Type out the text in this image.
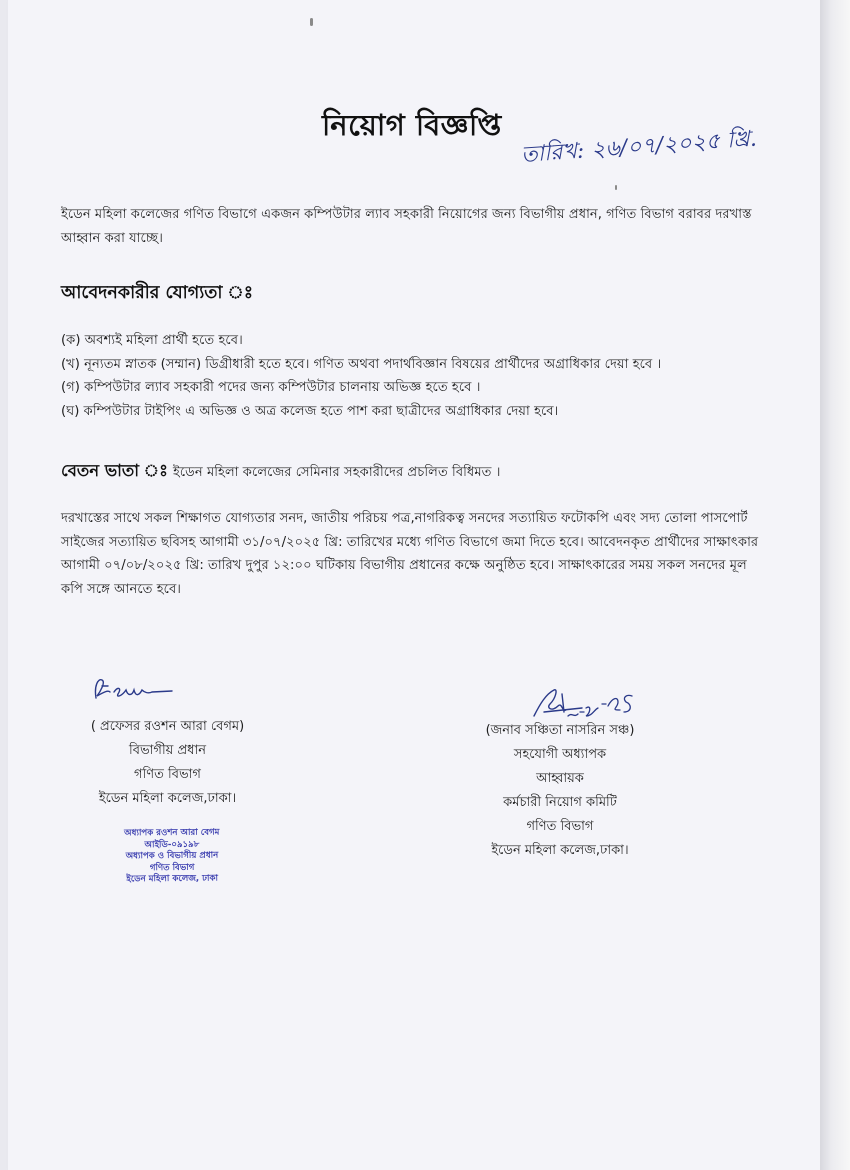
নিয়োগ বিজ্ঞপ্তি
তারিখ: ২৬/০৭/২০২৫ খ্রি.
ইডেন মহিলা কলেজের গণিত বিভাগে একজন কম্পিউটার ল্যাব সহকারী নিয়োগের জন্য বিভাগীয় প্রধান, গণিত বিভাগ বরাবর দরখাস্ত আহ্বান করা যাচ্ছে।
আবেদনকারীর যোগ্যতা ঃ
(ক) অবশ্যই মহিলা প্রার্থী হতে হবে।
(খ) নূন্যতম স্নাতক (সম্মান) ডিগ্রীধারী হতে হবে। গণিত অথবা পদার্থবিজ্ঞান বিষয়ের প্রার্থীদের অগ্রাধিকার দেয়া হবে ।
(গ) কম্পিউটার ল্যাব সহকারী পদের জন্য কম্পিউটার চালনায় অভিজ্ঞ হতে হবে ।
(ঘ) কম্পিউটার টাইপিং এ অভিজ্ঞ ও অত্র কলেজ হতে পাশ করা ছাত্রীদের অগ্রাধিকার দেয়া হবে।
বেতন ভাতা ঃ ইডেন মহিলা কলেজের সেমিনার সহকারীদের প্রচলিত বিধিমত ।
দরখাস্তের সাথে সকল শিক্ষাগত যোগ্যতার সনদ, জাতীয় পরিচয় পত্র,নাগরিকত্ব সনদের সত্যায়িত ফটোকপি এবং সদ্য তোলা পাসপোর্ট সাইজের সত্যায়িত ছবিসহ আগামী ৩১/০৭/২০২৫ খ্রি: তারিখের মধ্যে গণিত বিভাগে জমা দিতে হবে। আবেদনকৃত প্রার্থীদের সাক্ষাৎকার আগামী ০৭/০৮/২০২৫ খ্রি: তারিখ দুপুর ১২:০০ ঘটিকায় বিভাগীয় প্রধানের কক্ষে অনুষ্ঠিত হবে। সাক্ষাৎকারের সময় সকল সনদের মূল কপি সঙ্গে আনতে হবে।
( প্রফেসর রওশন আরা বেগম)
বিভাগীয় প্রধান
গণিত বিভাগ
ইডেন মহিলা কলেজ,ঢাকা।
অধ্যাপক রওশন আরা বেগম
আইডি-০৯১৯৮
অধ্যাপক ও বিভাগীয় প্রধান
গণিত বিভাগ
ইডেন মহিলা কলেজ, ঢাকা
(জনাব সঞ্চিতা নাসরিন সঞ্চ)
সহযোগী অধ্যাপক
আহ্বায়ক
কর্মচারী নিয়োগ কমিটি
গণিত বিভাগ
ইডেন মহিলা কলেজ,ঢাকা।
